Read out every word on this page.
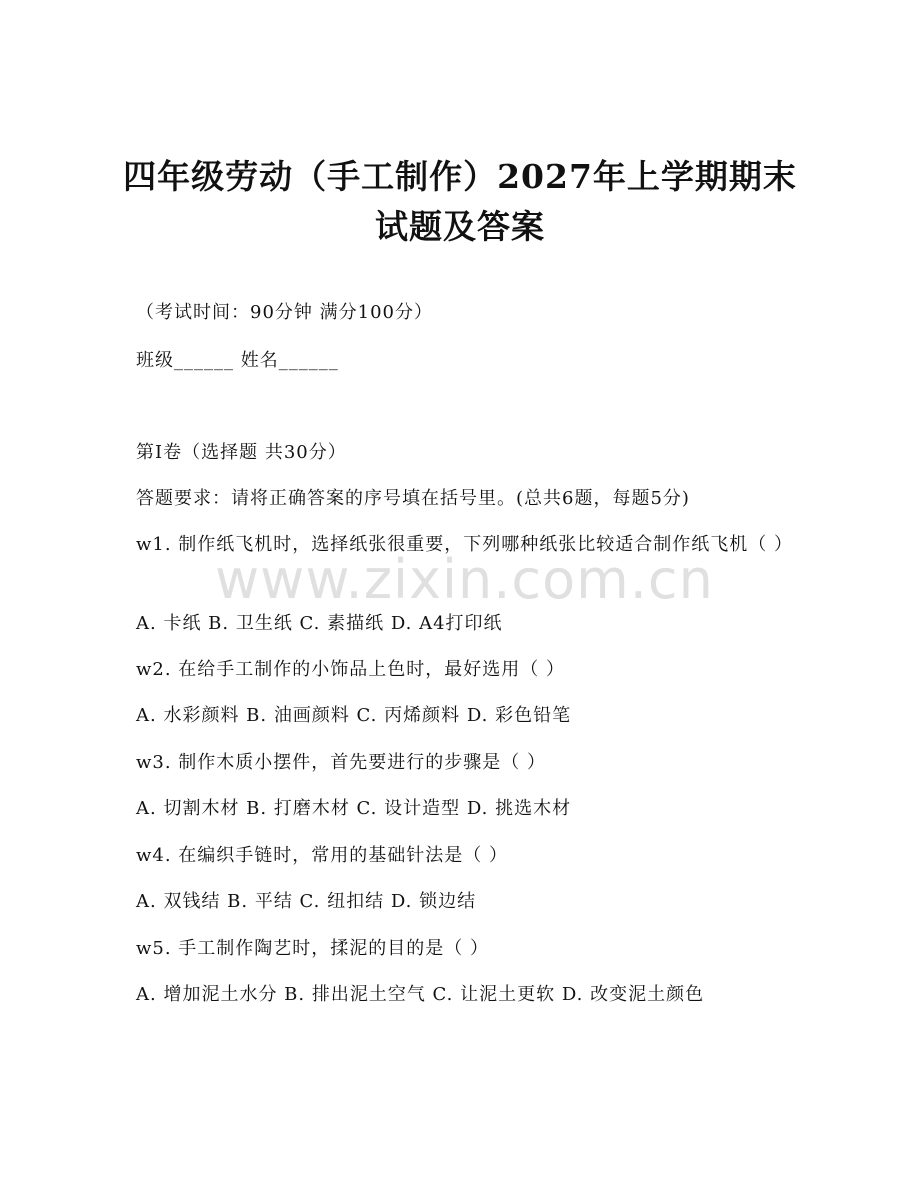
四年级劳动（手工制作）2027年上学期期末
试题及答案
（考试时间：90分钟 满分100分）
班级______ 姓名______
第I卷（选择题 共30分）
答题要求：请将正确答案的序号填在括号里。(总共6题，每题5分)
w1. 制作纸飞机时，选择纸张很重要，下列哪种纸张比较适合制作纸飞机（ ）
A. 卡纸 B. 卫生纸 C. 素描纸 D. A4打印纸
w2. 在给手工制作的小饰品上色时，最好选用（ ）
A. 水彩颜料 B. 油画颜料 C. 丙烯颜料 D. 彩色铅笔
w3. 制作木质小摆件，首先要进行的步骤是（ ）
A. 切割木材 B. 打磨木材 C. 设计造型 D. 挑选木材
w4. 在编织手链时，常用的基础针法是（ ）
A. 双钱结 B. 平结 C. 纽扣结 D. 锁边结
w5. 手工制作陶艺时，揉泥的目的是（ ）
A. 增加泥土水分 B. 排出泥土空气 C. 让泥土更软 D. 改变泥土颜色
www.zixin.com.cn
